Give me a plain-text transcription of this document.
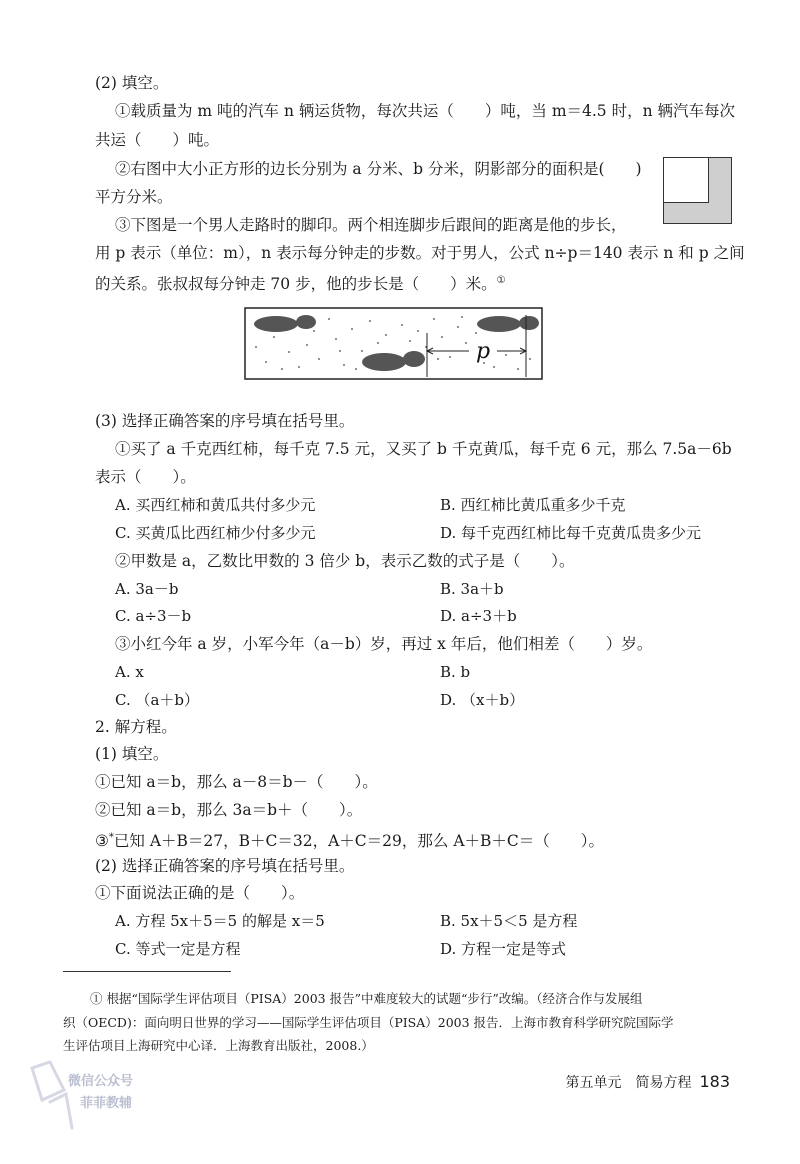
(2) 填空。
①载质量为 m 吨的汽车 n 辆运货物，每次共运（　　）吨，当 m＝4.5 时，n 辆汽车每次
共运（　　）吨。
②右图中大小正方形的边长分别为 a 分米、b 分米，阴影部分的面积是(　　)
平方分米。
③下图是一个男人走路时的脚印。两个相连脚步后跟间的距离是他的步长，
用 p 表示（单位：m），n 表示每分钟走的步数。对于男人，公式 n÷p＝140 表示 n 和 p 之间
的关系。张叔叔每分钟走 70 步，他的步长是（　　）米。①
p
(3) 选择正确答案的序号填在括号里。
①买了 a 千克西红柿，每千克 7.5 元，又买了 b 千克黄瓜，每千克 6 元，那么 7.5a－6b
表示（　　）。
A. 买西红柿和黄瓜共付多少元	B. 西红柿比黄瓜重多少千克
C. 买黄瓜比西红柿少付多少元	D. 每千克西红柿比每千克黄瓜贵多少元
②甲数是 a，乙数比甲数的 3 倍少 b，表示乙数的式子是（　　）。
A. 3a－b	B. 3a＋b
C. a÷3－b	D. a÷3＋b
③小红今年 a 岁，小军今年（a－b）岁，再过 x 年后，他们相差（　　）岁。
A. x	B. b
C. （a＋b）	D. （x＋b）
2. 解方程。
(1) 填空。
①已知 a＝b，那么 a－8＝b－（　　）。
②已知 a＝b，那么 3a＝b＋（　　）。
③*已知 A＋B＝27，B＋C＝32，A＋C＝29，那么 A＋B＋C＝（　　）。
(2) 选择正确答案的序号填在括号里。
①下面说法正确的是（　　）。
A. 方程 5x＋5＝5 的解是 x＝5	B. 5x＋5＜5 是方程
C. 等式一定是方程	D. 方程一定是等式
① 根据“国际学生评估项目（PISA）2003 报告”中难度较大的试题“步行”改编。（经济合作与发展组
织（OECD)：面向明日世界的学习——国际学生评估项目（PISA）2003 报告．上海市教育科学研究院国际学
生评估项目上海研究中心译．上海教育出版社，2008.）
微信公众号
菲菲教辅
第五单元　简易方程 183
